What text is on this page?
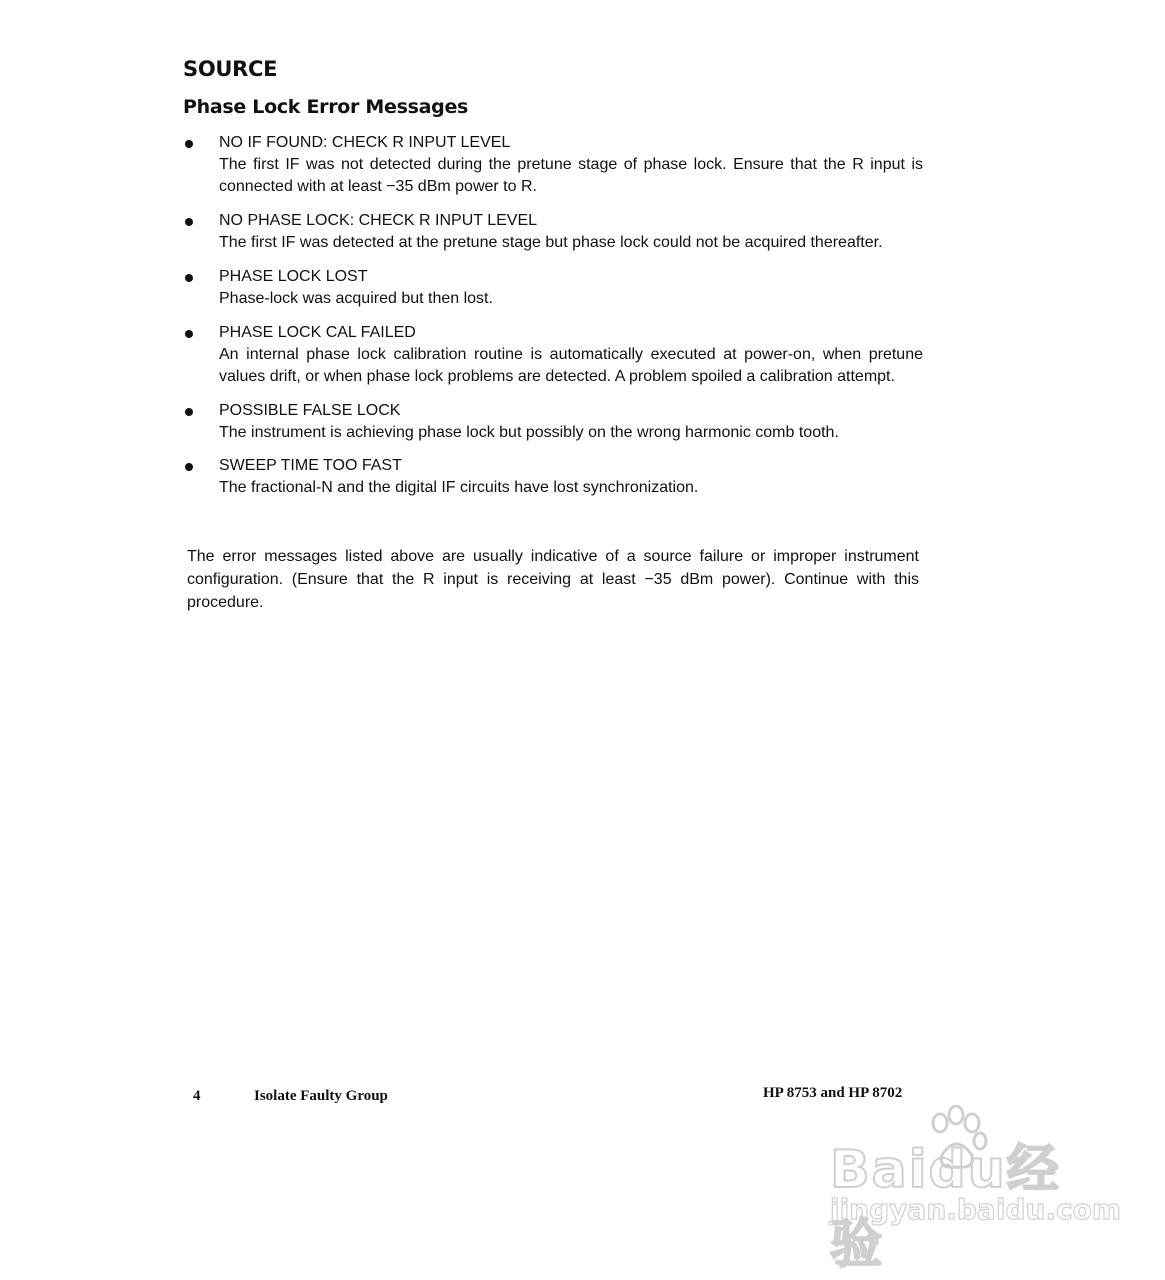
SOURCE
Phase Lock Error Messages
NO IF FOUND: CHECK R INPUT LEVEL
The first IF was not detected during the pretune stage of phase lock. Ensure that the R input is connected with at least −35 dBm power to R.
NO PHASE LOCK: CHECK R INPUT LEVEL
The first IF was detected at the pretune stage but phase lock could not be acquired thereafter.
PHASE LOCK LOST
Phase-lock was acquired but then lost.
PHASE LOCK CAL FAILED
An internal phase lock calibration routine is automatically executed at power-on, when pretune values drift, or when phase lock problems are detected. A problem spoiled a calibration attempt.
POSSIBLE FALSE LOCK
The instrument is achieving phase lock but possibly on the wrong harmonic comb tooth.
SWEEP TIME TOO FAST
The fractional-N and the digital IF circuits have lost synchronization.

The error messages listed above are usually indicative of a source failure or improper instrument configuration. (Ensure that the R input is receiving at least −35 dBm power). Continue with this procedure.

4	Isolate Faulty Group	HP 8753 and HP 8702
Baidu经验
jingyan.baidu.com
